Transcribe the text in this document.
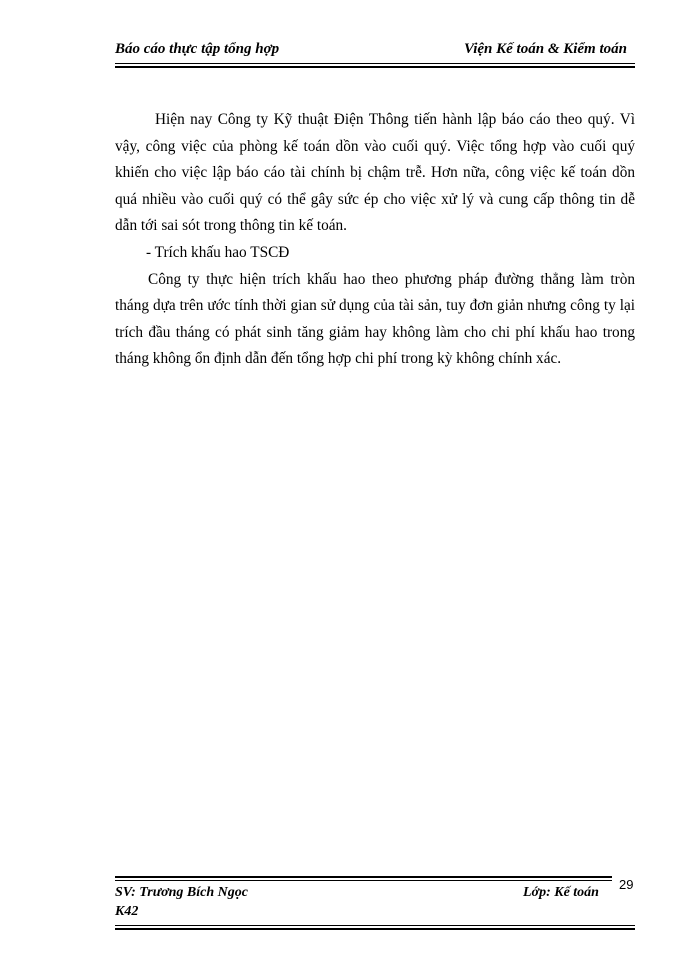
Báo cáo thực tập tổng hợp	Viện Kế toán & Kiểm toán

Hiện nay Công ty Kỹ thuật Điện Thông tiến hành lập báo cáo theo quý. Vì vậy, công việc của phòng kế toán dồn vào cuối quý. Việc tổng hợp vào cuối quý khiến cho việc lập báo cáo tài chính bị chậm trễ. Hơn nữa, công việc kế toán dồn quá nhiều vào cuối quý có thể gây sức ép cho việc xử lý và cung cấp thông tin dễ dẫn tới sai sót trong thông tin kế toán.

- Trích khấu hao TSCĐ

Công ty thực hiện trích khấu hao theo phương pháp đường thẳng làm tròn tháng dựa trên ước tính thời gian sử dụng của tài sản, tuy đơn giản nhưng công ty lại trích đầu tháng có phát sinh tăng giảm hay không làm cho chi phí khấu hao trong tháng không ổn định dẫn đến tổng hợp chi phí trong kỳ không chính xác.

29
SV: Trương Bích Ngọc	Lớp: Kế toán
K42
